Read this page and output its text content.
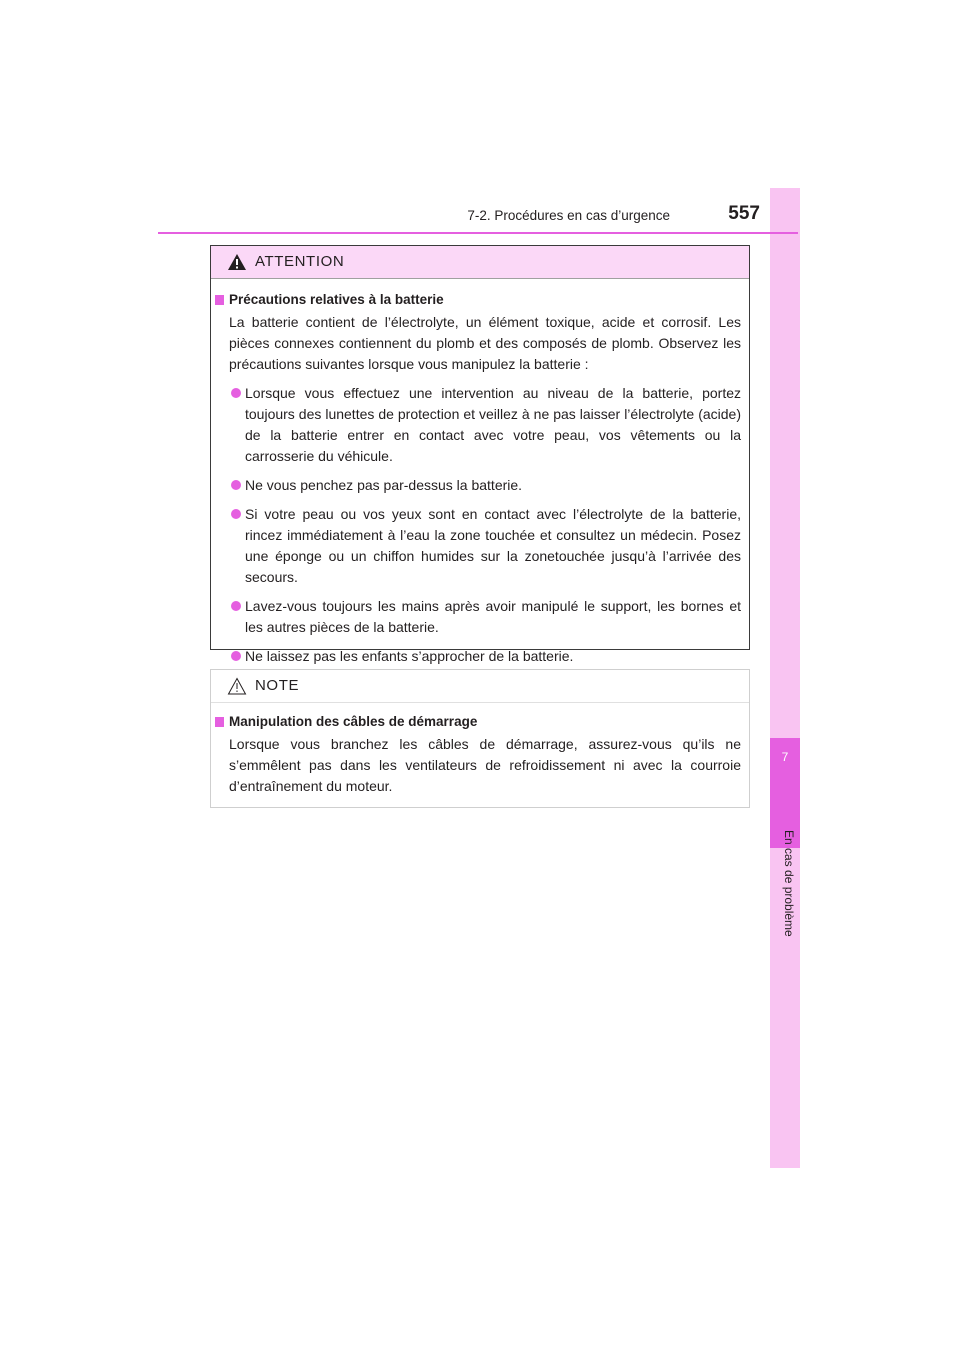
7
En cas de problème
7-2. Procédures en cas d’urgence	557
ATTENTION
Précautions relatives à la batterie
La batterie contient de l’électrolyte, un élément toxique, acide et corrosif. Les pièces connexes contiennent du plomb et des composés de plomb. Observez les précautions suivantes lorsque vous manipulez la batterie :
Lorsque vous effectuez une intervention au niveau de la batterie, portez toujours des lunettes de protection et veillez à ne pas laisser l’électrolyte (acide) de la batterie entrer en contact avec votre peau, vos vêtements ou la carrosserie du véhicule.
Ne vous penchez pas par-dessus la batterie.
Si votre peau ou vos yeux sont en contact avec l’électrolyte de la batterie, rincez immédiatement à l’eau la zone touchée et consultez un médecin. Posez une éponge ou un chiffon humides sur la zonetouchée jusqu’à l’arrivée des secours.
Lavez-vous toujours les mains après avoir manipulé le support, les bornes et les autres pièces de la batterie.
Ne laissez pas les enfants s’approcher de la batterie.
NOTE
Manipulation des câbles de démarrage
Lorsque vous branchez les câbles de démarrage, assurez-vous qu’ils ne s’emmêlent pas dans les ventilateurs de refroidissement ni avec la courroie d’entraînement du moteur.
